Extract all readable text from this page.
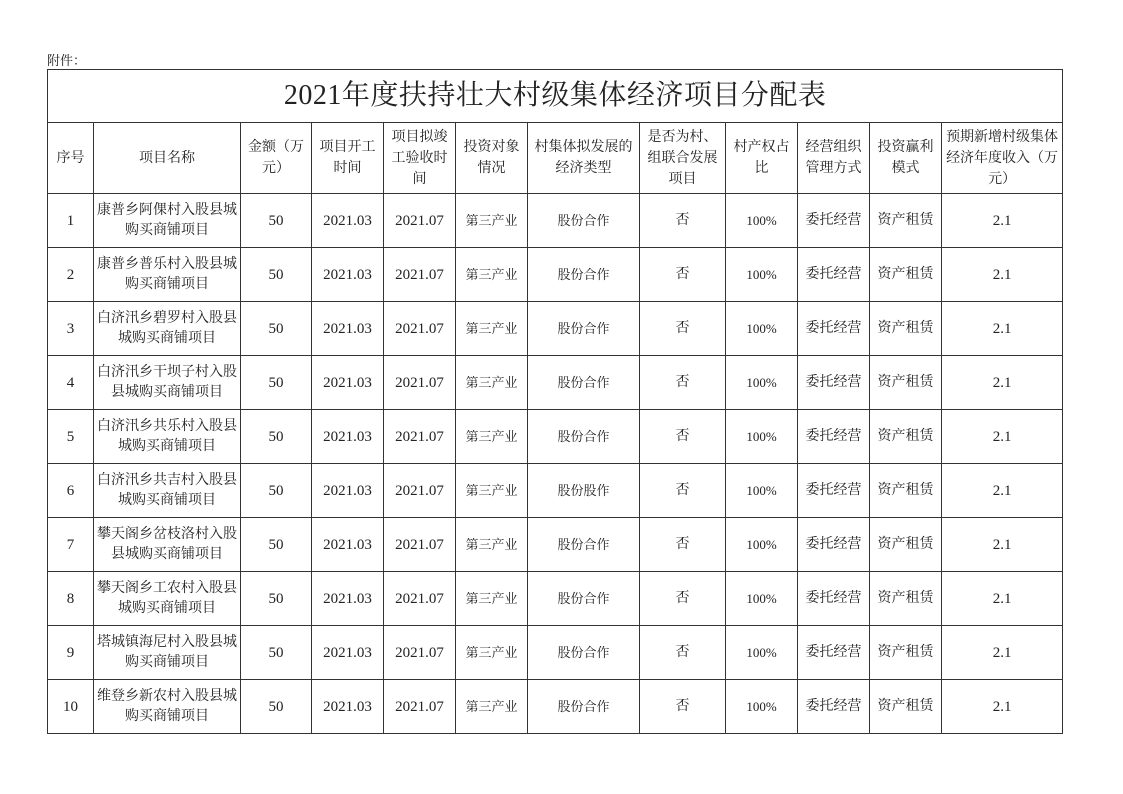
附件：
2021年度扶持壮大村级集体经济项目分配表											
序号	项目名称	金额（万元）	项目开工时间	项目拟竣工验收时间	投资对象情况	村集体拟发展的经济类型	是否为村、组联合发展项目	村产权占比	经营组织管理方式	投资赢利模式	预期新增村级集体经济年度收入（万元）
1	康普乡阿倮村入股县城购买商铺项目	50	2021.03	2021.07	第三产业	股份合作	否	100%	委托经营	资产租赁	2.1
2	康普乡普乐村入股县城购买商铺项目	50	2021.03	2021.07	第三产业	股份合作	否	100%	委托经营	资产租赁	2.1
3	白济汛乡碧罗村入股县城购买商铺项目	50	2021.03	2021.07	第三产业	股份合作	否	100%	委托经营	资产租赁	2.1
4	白济汛乡干坝子村入股县城购买商铺项目	50	2021.03	2021.07	第三产业	股份合作	否	100%	委托经营	资产租赁	2.1
5	白济汛乡共乐村入股县城购买商铺项目	50	2021.03	2021.07	第三产业	股份合作	否	100%	委托经营	资产租赁	2.1
6	白济汛乡共吉村入股县城购买商铺项目	50	2021.03	2021.07	第三产业	股份股作	否	100%	委托经营	资产租赁	2.1
7	攀天阁乡岔枝洛村入股县城购买商铺项目	50	2021.03	2021.07	第三产业	股份合作	否	100%	委托经营	资产租赁	2.1
8	攀天阁乡工农村入股县城购买商铺项目	50	2021.03	2021.07	第三产业	股份合作	否	100%	委托经营	资产租赁	2.1
9	塔城镇海尼村入股县城购买商铺项目	50	2021.03	2021.07	第三产业	股份合作	否	100%	委托经营	资产租赁	2.1
10	维登乡新农村入股县城购买商铺项目	50	2021.03	2021.07	第三产业	股份合作	否	100%	委托经营	资产租赁	2.1
